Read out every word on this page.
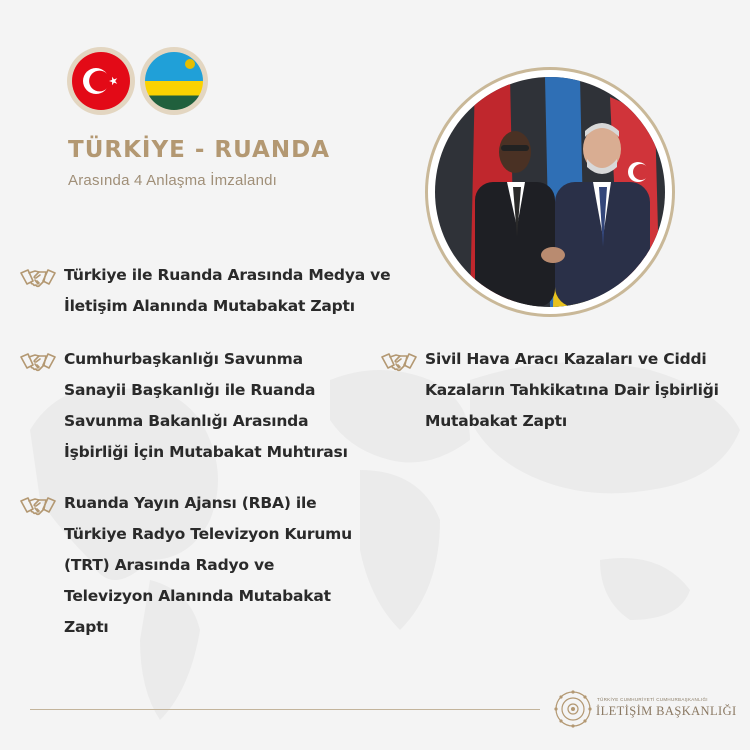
TÜRKİYE - RUANDA
Arasında 4 Anlaşma İmzalandı
Türkiye ile Ruanda Arasında Medya ve İletişim Alanında Mutabakat Zaptı
Cumhurbaşkanlığı Savunma Sanayii Başkanlığı ile Ruanda Savunma Bakanlığı Arasında İşbirliği İçin Mutabakat Muhtırası
Ruanda Yayın Ajansı (RBA) ile Türkiye Radyo Televizyon Kurumu (TRT) Arasında Radyo ve Televizyon Alanında Mutabakat Zaptı
Sivil Hava Aracı Kazaları ve Ciddi Kazaların Tahkikatına Dair İşbirliği Mutabakat Zaptı
TÜRKİYE CUMHURİYETİ CUMHURBAŞKANLIĞI
İLETİŞİM BAŞKANLIĞI
